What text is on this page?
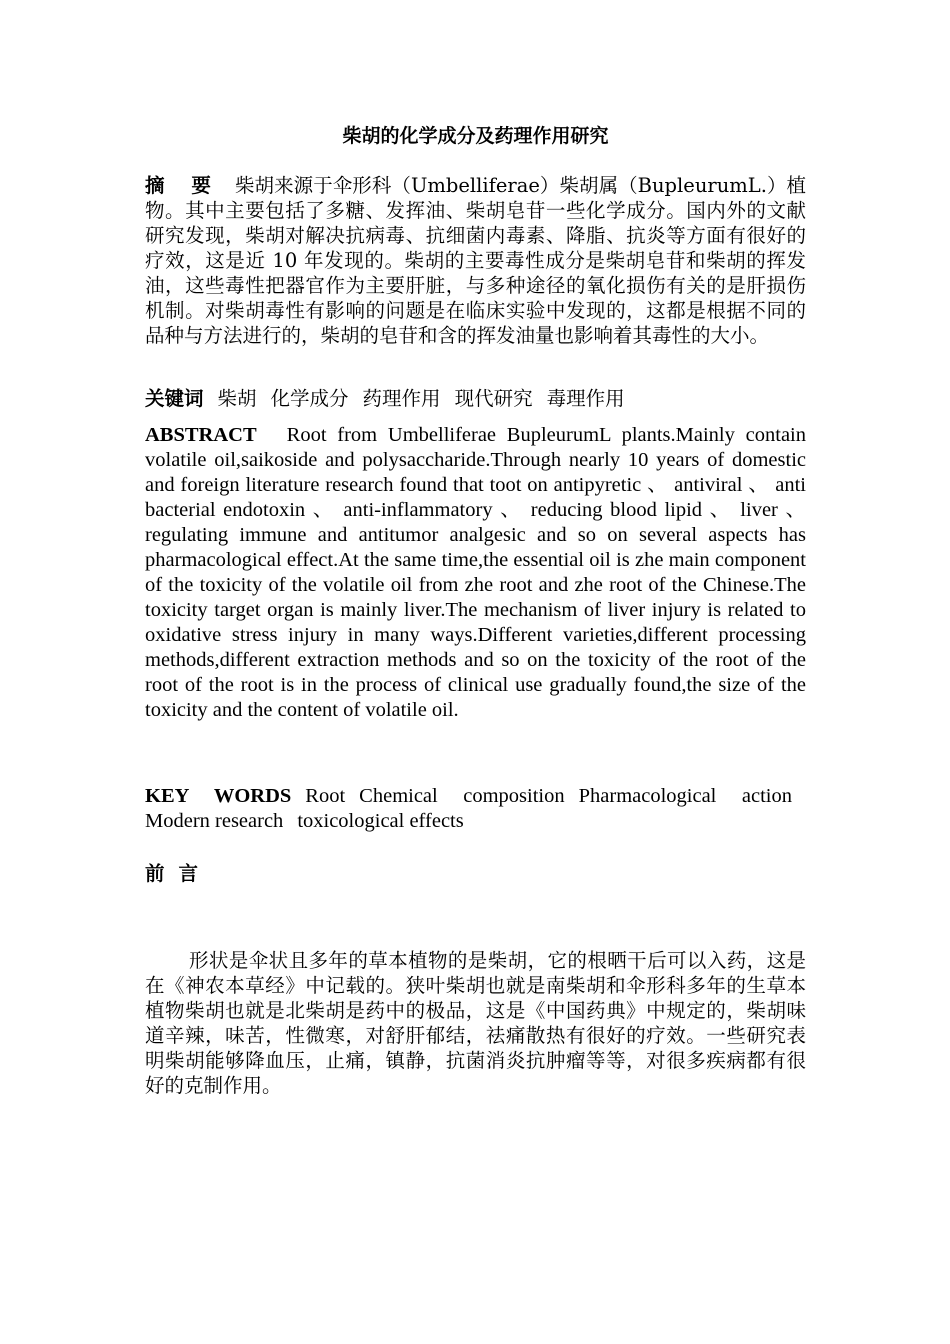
柴胡的化学成分及药理作用研究

摘 要 柴胡来源于伞形科（Umbelliferae）柴胡属（BupleurumL.）植物。其中主要包括了多糖、发挥油、柴胡皂苷一些化学成分。国内外的文献研究发现，柴胡对解决抗病毒、抗细菌内毒素、降脂、抗炎等方面有很好的疗效，这是近 10 年发现的。柴胡的主要毒性成分是柴胡皂苷和柴胡的挥发油，这些毒性把器官作为主要肝脏，与多种途径的氧化损伤有关的是肝损伤机制。对柴胡毒性有影响的问题是在临床实验中发现的，这都是根据不同的品种与方法进行的，柴胡的皂苷和含的挥发油量也影响着其毒性的大小。

关键词 柴胡 化学成分 药理作用 现代研究 毒理作用

ABSTRACT Root from Umbelliferae BupleurumL plants.Mainly contain volatile oil,saikoside and polysaccharide.Through nearly 10 years of domestic and foreign literature research found that toot on antipyretic 、 antiviral 、 anti bacterial endotoxin 、 anti-inflammatory 、 reducing blood lipid 、 liver 、 regulating immune and antitumor analgesic and so on several aspects has pharmacological effect.At the same time,the essential oil is zhe main component of the toxicity of the volatile oil from zhe root and zhe root of the Chinese.The toxicity target organ is mainly liver.The mechanism of liver injury is related to oxidative stress injury in many ways.Different varieties,different processing methods,different extraction methods and so on the toxicity of the root of the root of the root is in the process of clinical use gradually found,the size of the toxicity and the content of volatile oil.

KEY WORDS Root Chemical composition Pharmacological actionModern research toxicological effects

前言

形状是伞状且多年的草本植物的是柴胡，它的根晒干后可以入药，这是在《神农本草经》中记载的。狭叶柴胡也就是南柴胡和伞形科多年的生草本植物柴胡也就是北柴胡是药中的极品，这是《中国药典》中规定的，柴胡味道辛辣，味苦，性微寒，对舒肝郁结，祛痛散热有很好的疗效。一些研究表明柴胡能够降血压，止痛，镇静，抗菌消炎抗肿瘤等等，对很多疾病都有很好的克制作用。
